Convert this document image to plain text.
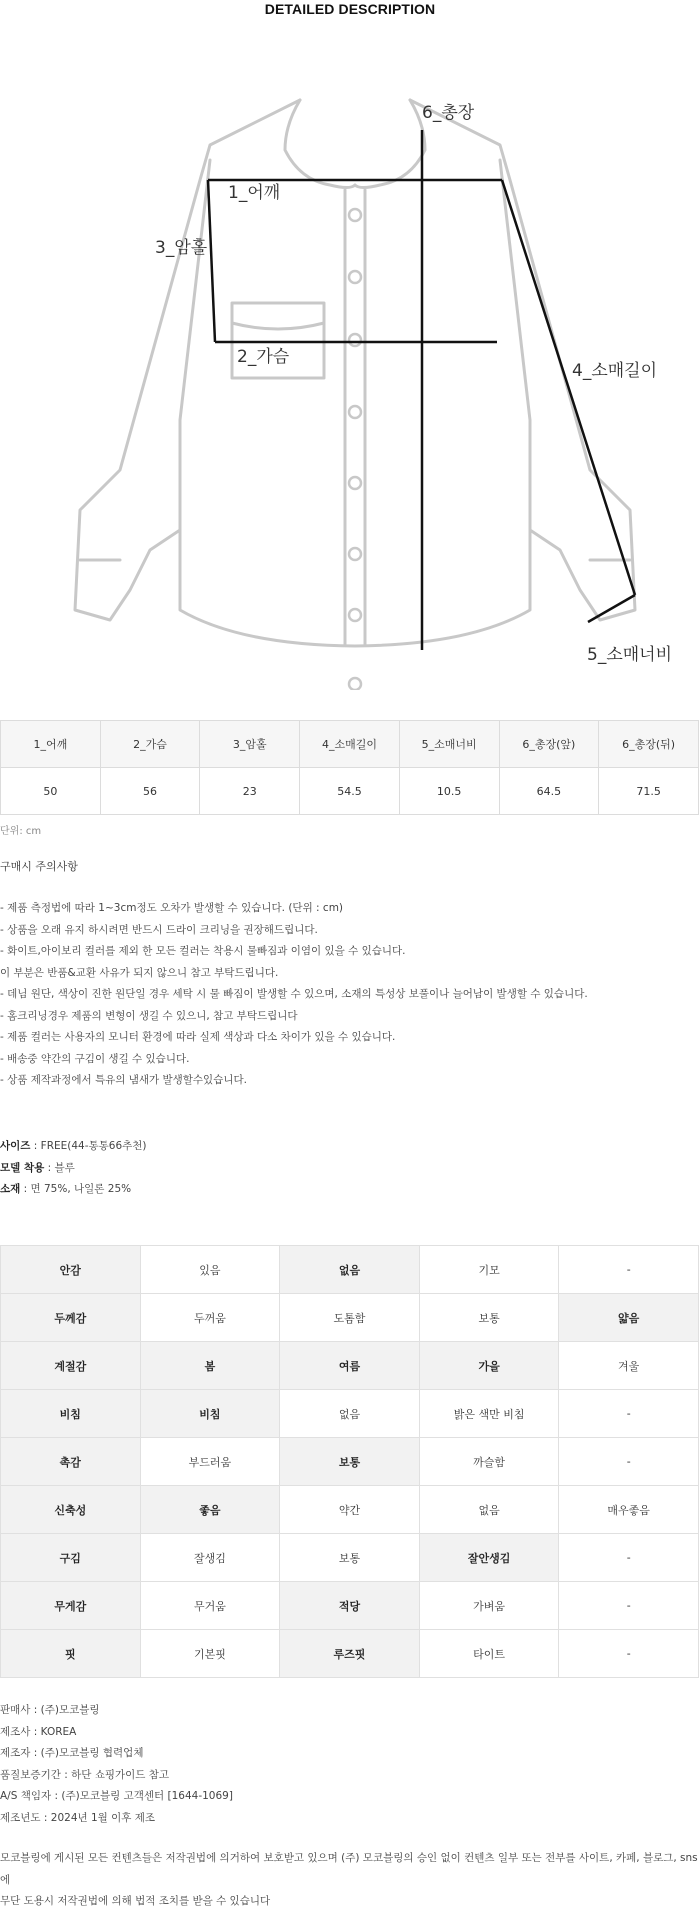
DETAILED DESCRIPTION
6_총장
1_어깨
3_암홀
2_가슴
4_소매길이
5_소매너비
1_어깨	2_가슴	3_암홀	4_소매길이	5_소매너비	6_총장(앞)	6_총장(뒤)
50	56	23	54.5	10.5	64.5	71.5
단위: cm
구매시 주의사항
- 제품 측정법에 따라 1~3cm정도 오차가 발생할 수 있습니다. (단위 : cm)
- 상품을 오래 유지 하시려면 반드시 드라이 크리닝을 권장해드립니다.
- 화이트,아이보리 컬러를 제외 한 모든 컬러는 착용시 물빠짐과 이염이 있을 수 있습니다.
이 부분은 반품&교환 사유가 되지 않으니 참고 부탁드립니다.
- 데님 원단, 색상이 진한 원단일 경우 세탁 시 물 빠짐이 발생할 수 있으며, 소재의 특성상 보풀이나 늘어남이 발생할 수 있습니다.
- 홈크리닝경우 제품의 변형이 생길 수 있으니, 참고 부탁드립니다
- 제품 컬러는 사용자의 모니터 환경에 따라 실제 색상과 다소 차이가 있을 수 있습니다.
- 배송중 약간의 구김이 생길 수 있습니다.
- 상품 제작과정에서 특유의 냄새가 발생할수있습니다.
사이즈 : FREE(44-통통66추천)
모델 착용 : 블루
소재 : 면 75%, 나일론 25%
안감	있음	없음	기모	-
두께감	두꺼움	도톰함	보통	얇음
계절감	봄	여름	가을	겨울
비침	비침	없음	밝은 색만 비침	-
촉감	부드러움	보통	까슬함	-
신축성	좋음	약간	없음	매우좋음
구김	잘생김	보통	잘안생김	-
무게감	무거움	적당	가벼움	-
핏	기본핏	루즈핏	타이트	-
판매사 : (주)모코블링
제조사 : KOREA
제조자 : (주)모코블링 협력업체
품질보증기간 : 하단 쇼핑가이드 참고
A/S 책임자 : (주)모코블링 고객센터 [1644-1069]
제조년도 : 2024년 1월 이후 제조
모코블링에 게시된 모든 컨텐츠들은 저작권법에 의거하여 보호받고 있으며 (주) 모코블링의 승인 없이 컨텐츠 일부 또는 전부를 사이트, 카페, 블로그, sns에
무단 도용시 저작권법에 의해 법적 조치를 받을 수 있습니다
